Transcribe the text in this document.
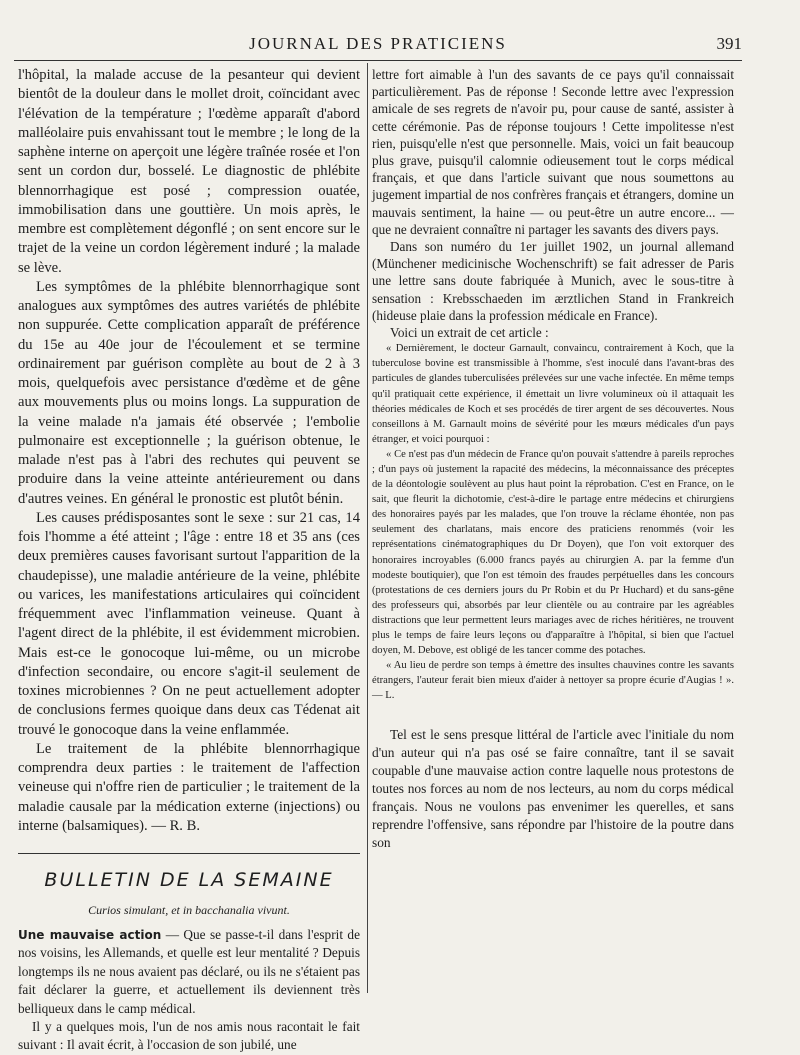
JOURNAL DES PRATICIENS	391

l'hôpital, la malade accuse de la pesanteur qui devient bientôt de la douleur dans le mollet droit, coïncidant avec l'élévation de la température ; l'œdème apparaît d'abord malléolaire puis envahissant tout le membre ; le long de la saphène interne on aperçoit une légère traînée rosée et l'on sent un cordon dur, bosselé. Le diagnostic de phlébite blennorrhagique est posé ; compression ouatée, immobilisation dans une gouttière. Un mois après, le membre est complètement dégonflé ; on sent encore sur le trajet de la veine un cordon légèrement induré ; la malade se lève.

Les symptômes de la phlébite blennorrhagique sont analogues aux symptômes des autres variétés de phlébite non suppurée. Cette complication apparaît de préférence du 15e au 40e jour de l'écoulement et se termine ordinairement par guérison complète au bout de 2 à 3 mois, quelquefois avec persistance d'œdème et de gêne aux mouvements plus ou moins longs. La suppuration de la veine malade n'a jamais été observée ; l'embolie pulmonaire est exceptionnelle ; la guérison obtenue, le malade n'est pas à l'abri des rechutes qui peuvent se produire dans la veine atteinte antérieurement ou dans d'autres veines. En général le pronostic est plutôt bénin.

Les causes prédisposantes sont le sexe : sur 21 cas, 14 fois l'homme a été atteint ; l'âge : entre 18 et 35 ans (ces deux premières causes favorisant surtout l'apparition de la chaudepisse), une maladie antérieure de la veine, phlébite ou varices, les manifestations articulaires qui coïncident fréquemment avec l'inflammation veineuse. Quant à l'agent direct de la phlébite, il est évidemment microbien. Mais est-ce le gonocoque lui-même, ou un microbe d'infection secondaire, ou encore s'agit-il seulement de toxines microbiennes ? On ne peut actuellement adopter de conclusions fermes quoique dans deux cas Tédenat ait trouvé le gonocoque dans la veine enflammée.

Le traitement de la phlébite blennorrhagique comprendra deux parties : le traitement de l'affection veineuse qui n'offre rien de particulier ; le traitement de la maladie causale par la médication externe (injections) ou interne (balsamiques). — R. B.

BULLETIN DE LA SEMAINE
Curios simulant, et in bacchanalia vivunt.

Une mauvaise action — Que se passe-t-il dans l'esprit de nos voisins, les Allemands, et quelle est leur mentalité ? Depuis longtemps ils ne nous avaient pas déclaré, ou ils ne s'étaient pas fait déclarer la guerre, et actuellement ils deviennent très belliqueux dans le camp médical.

Il y a quelques mois, l'un de nos amis nous racontait le fait suivant : Il avait écrit, à l'occasion de son jubilé, une

lettre fort aimable à l'un des savants de ce pays qu'il connaissait particulièrement. Pas de réponse ! Seconde lettre avec l'expression amicale de ses regrets de n'avoir pu, pour cause de santé, assister à cette cérémonie. Pas de réponse toujours ! Cette impolitesse n'est rien, puisqu'elle n'est que personnelle. Mais, voici un fait beaucoup plus grave, puisqu'il calomnie odieusement tout le corps médical français, et que dans l'article suivant que nous soumettons au jugement impartial de nos confrères français et étrangers, domine un mauvais sentiment, la haine — ou peut-être un autre encore... — que ne devraient connaître ni partager les savants des divers pays.

Dans son numéro du 1er juillet 1902, un journal allemand (Münchener medicinische Wochenschrift) se fait adresser de Paris une lettre sans doute fabriquée à Munich, avec le sous-titre à sensation : Krebsschaeden im ærztlichen Stand in Frankreich (hideuse plaie dans la profession médicale en France).

Voici un extrait de cet article :

« Dernièrement, le docteur Garnault, convaincu, contrairement à Koch, que la tuberculose bovine est transmissible à l'homme, s'est inoculé dans l'avant-bras des particules de glandes tuberculisées prélevées sur une vache infectée. En même temps qu'il pratiquait cette expérience, il émettait un livre volumineux où il attaquait les théories médicales de Koch et ses procédés de tirer argent de ses découvertes. Nous conseillons à M. Garnault moins de sévérité pour les mœurs médicales d'un pays étranger, et voici pourquoi :

« Ce n'est pas d'un médecin de France qu'on pouvait s'attendre à pareils reproches ; d'un pays où justement la rapacité des médecins, la méconnaissance des préceptes de la déontologie soulèvent au plus haut point la réprobation. C'est en France, on le sait, que fleurit la dichotomie, c'est-à-dire le partage entre médecins et chirurgiens des honoraires payés par les malades, que l'on trouve la réclame éhontée, non pas seulement des charlatans, mais encore des praticiens renommés (voir les représentations cinématographiques du Dr Doyen), que l'on voit extorquer des honoraires incroyables (6.000 francs payés au chirurgien A. par la femme d'un modeste boutiquier), que l'on est témoin des fraudes perpétuelles dans les concours (protestations de ces derniers jours du Pr Robin et du Pr Huchard) et du sans-gêne des professeurs qui, absorbés par leur clientèle ou au contraire par les agréables distractions que leur permettent leurs mariages avec de riches héritières, ne trouvent plus le temps de faire leurs leçons ou d'apparaître à l'hôpital, si bien que l'actuel doyen, M. Debove, est obligé de les tancer comme des potaches.

« Au lieu de perdre son temps à émettre des insultes chauvines contre les savants étrangers, l'auteur ferait bien mieux d'aider à nettoyer sa propre écurie d'Augias ! ». — L.

Tel est le sens presque littéral de l'article avec l'initiale du nom d'un auteur qui n'a pas osé se faire connaître, tant il se savait coupable d'une mauvaise action contre laquelle nous protestons de toutes nos forces au nom de nos lecteurs, au nom du corps médical français. Nous ne voulons pas envenimer les querelles, et sans reprendre l'offensive, sans répondre par l'histoire de la poutre dans son
